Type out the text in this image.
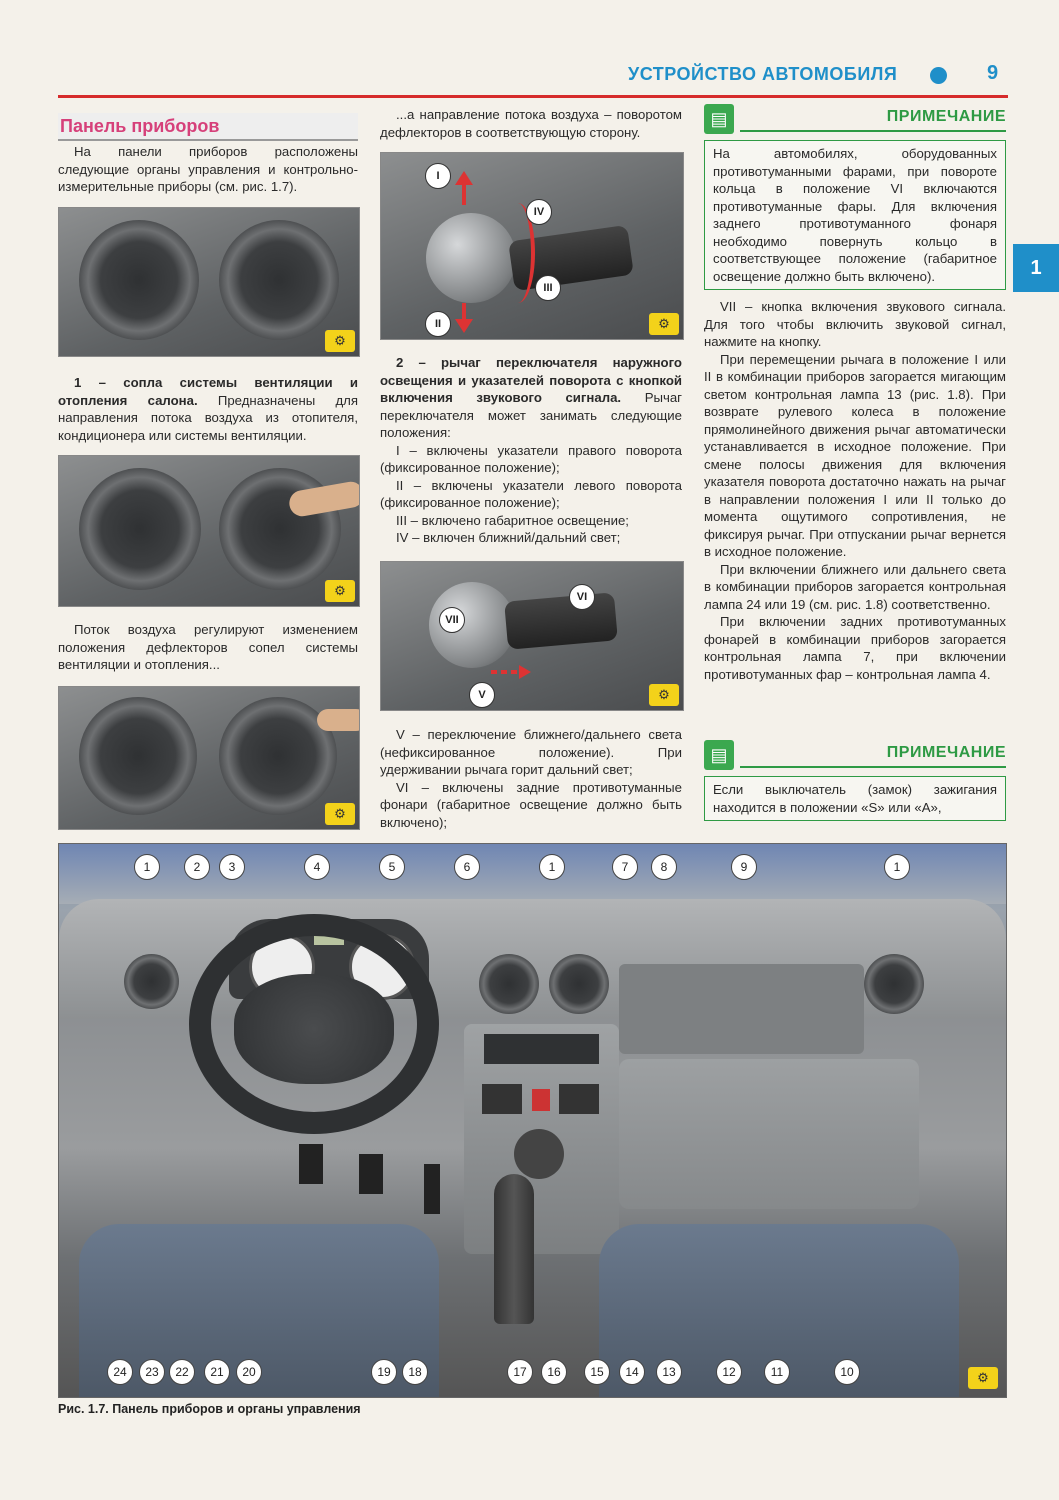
УСТРОЙСТВО АВТОМОБИЛЯ	9
1
Панель приборов

На панели приборов расположены следующие органы управления и контрольно-измерительные приборы (см. рис. 1.7).

⚙

1 – сопла системы вентиляции и отопления салона. Предназначены для направления потока воздуха из отопителя, кондиционера или системы вентиляции.

⚙

Поток воздуха регулируют изменением положения дефлекторов сопел системы вентиляции и отопления...

⚙

...а направление потока воздуха – поворотом дефлекторов в соответствующую сторону.

I
II
III
IV
⚙

2 – рычаг переключателя наружного освещения и указателей поворота с кнопкой включения звукового сигнала. Рычаг переключателя может занимать следующие положения:

I – включены указатели правого поворота (фиксированное положение);

II – включены указатели левого поворота (фиксированное положение);

III – включено габаритное освещение;

IV – включен ближний/дальний свет;

VII
V
VI
⚙

V – переключение ближнего/дальнего света (нефиксированное положение). При удерживании рычага горит дальний свет;

VI – включены задние противотуманные фонари (габаритное освещение должно быть включено);

▤	ПРИМЕЧАНИЕ
На автомобилях, оборудованных противотуманными фарами, при повороте кольца в положение VI включаются противотуманные фары. Для включения заднего противотуманного фонаря необходимо повернуть кольцо в соответствующее положение (габаритное освещение должно быть включено).

VII – кнопка включения звукового сигнала. Для того чтобы включить звуковой сигнал, нажмите на кнопку.

При перемещении рычага в положение I или II в комбинации приборов загорается мигающим светом контрольная лампа 13 (рис. 1.8). При возврате рулевого колеса в положение прямолинейного движения рычаг автоматически устанавливается в исходное положение. При смене полосы движения для включения указателя поворота достаточно нажать на рычаг в направлении положения I или II только до момента ощутимого сопротивления, не фиксируя рычаг. При отпускании рычаг вернется в исходное положение.

При включении ближнего или дальнего света в комбинации приборов загорается контрольная лампа 24 или 19 (см. рис. 1.8) соответственно.

При включении задних противотуманных фонарей в комбинации приборов загорается контрольная лампа 7, при включении противотуманных фар – контрольная лампа 4.

▤	ПРИМЕЧАНИЕ
Если выключатель (замок) зажигания находится в положении «S» или «A»,
⚙
1	2	3	4	5	6	1	7	8	9	1
24	23	22	21	20	19	18	17	16	15	14	13	12	11	10
Рис. 1.7. Панель приборов и органы управления
